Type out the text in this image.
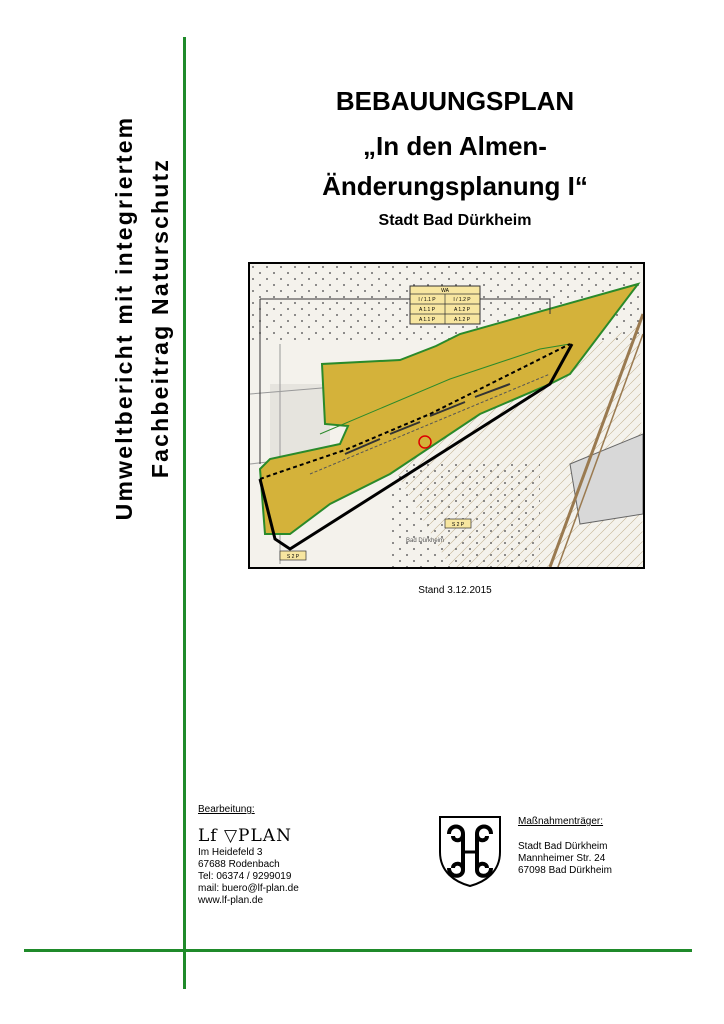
Umweltbericht mit integriertem Fachbeitrag Naturschutz
BEBAUUNGSPLAN
„In den Almen-
Änderungsplanung I“
Stadt Bad Dürkheim
WA
I / 1.1 P	I / 1.2 P
A 1.1 P	A 1.2 P
A 1.1 P	A 1.2 P
S 2 P
S 2 P
Bad Dürkheim
Stand 3.12.2015
Bearbeitung:
Lf ▽PLAN
Im Heidefeld 3
67688 Rodenbach
Tel: 06374 / 9299019
mail: buero@lf-plan.de
www.lf-plan.de
Maßnahmenträger:
Stadt Bad Dürkheim
Mannheimer Str. 24
67098 Bad Dürkheim
